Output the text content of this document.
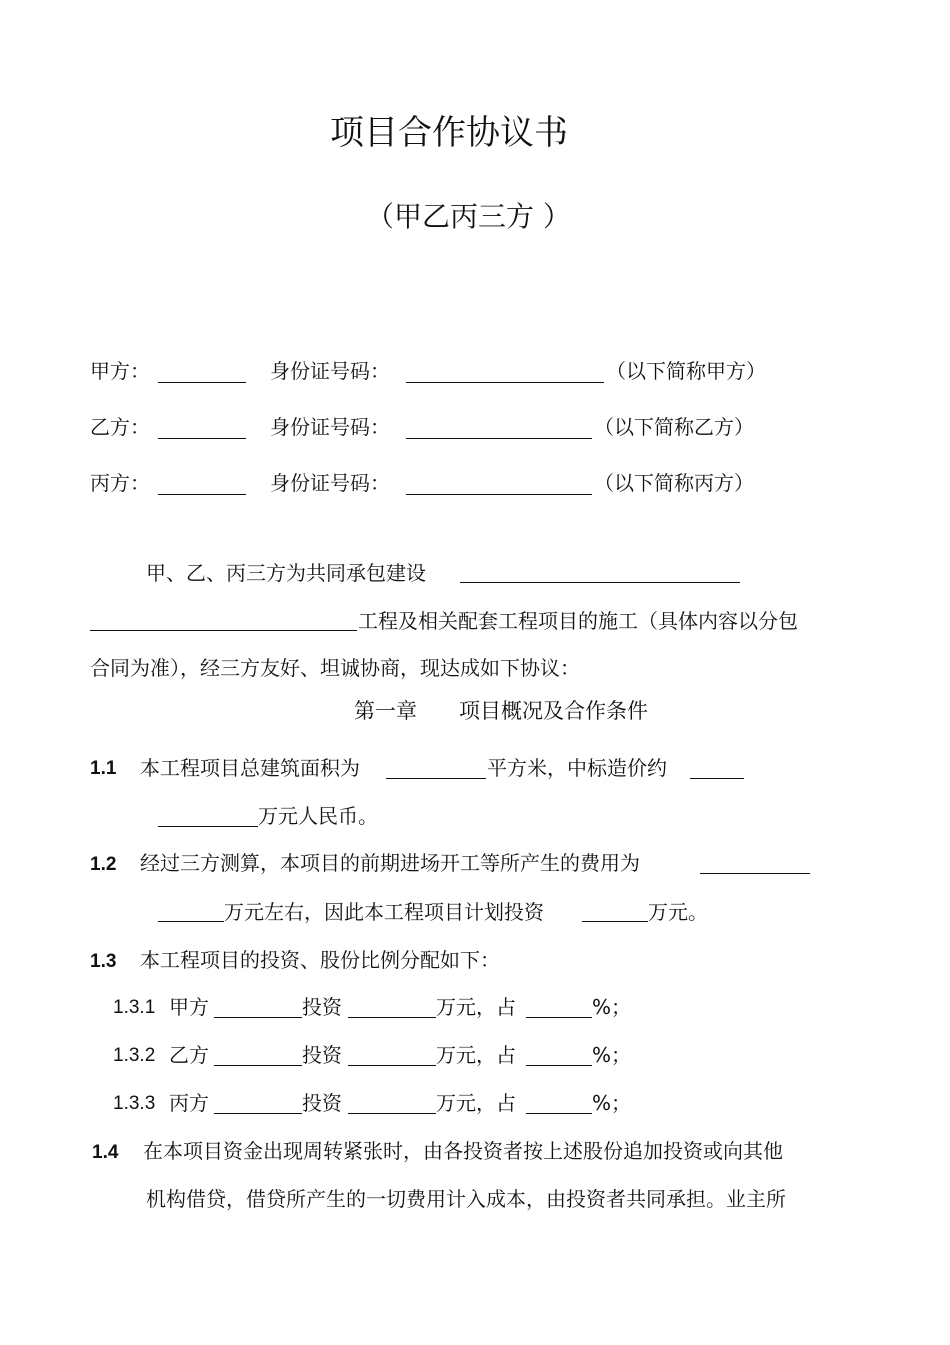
项目合作协议书
（甲乙丙三方 ）
甲方：	身份证号码：	（以下简称甲方）
乙方：	身份证号码：	（以下简称乙方）
丙方：	身份证号码：	（以下简称丙方）
甲、乙、丙三方为共同承包建设
工程及相关配套工程项目的施工（具体内容以分包
合同为准），经三方友好、坦诚协商，现达成如下协议：
第一章　　项目概况及合作条件
1.1 本工程项目总建筑面积为	平方米，中标造价约
万元人民币。
1.2 经过三方测算，本项目的前期进场开工等所产生的费用为
万元左右，因此本工程项目计划投资	万元。
1.3 本工程项目的投资、股份比例分配如下：
1.3.1 甲方	投资	万元，占	%；
1.3.2 乙方	投资	万元，占	%；
1.3.3 丙方	投资	万元，占	%；
1.4 在本项目资金出现周转紧张时，由各投资者按上述股份追加投资或向其他
机构借贷，借贷所产生的一切费用计入成本，由投资者共同承担。业主所
